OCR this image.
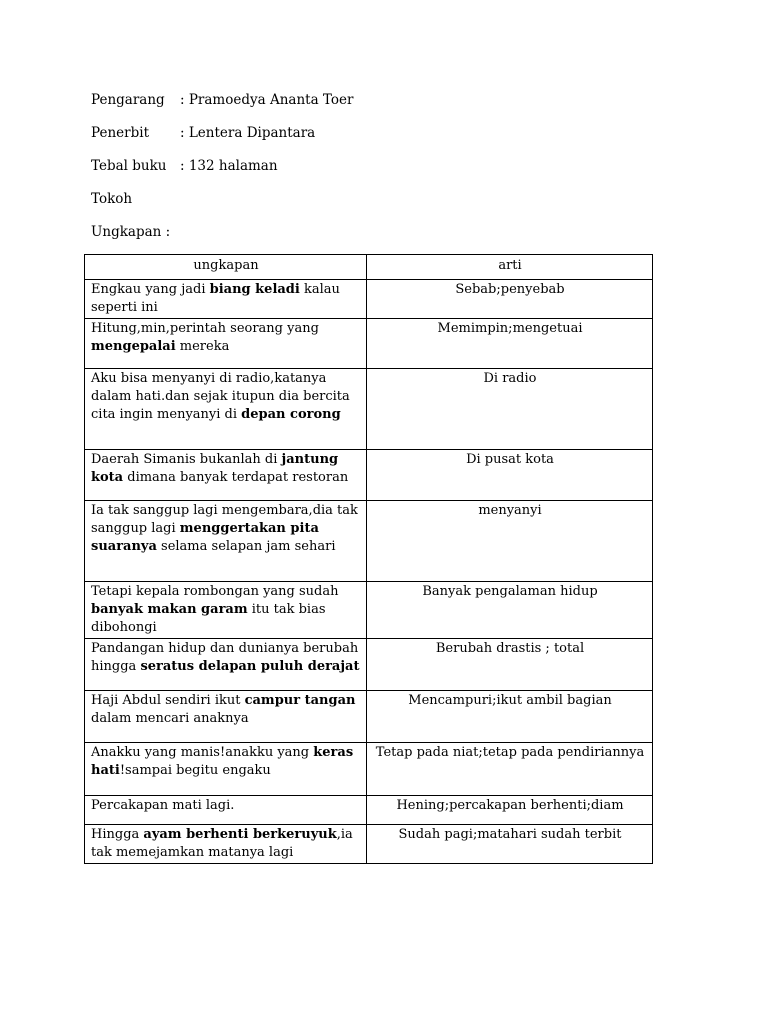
Pengarang : Pramoedya Ananta Toer
Penerbit : Lentera Dipantara
Tebal buku : 132 halaman
Tokoh
Ungkapan :
ungkapan	arti
Engkau yang jadi biang keladi kalau seperti ini	Sebab;penyebab
Hitung,min,perintah seorang yang mengepalai mereka	Memimpin;mengetuai
Aku bisa menyanyi di radio,katanya dalam hati.dan sejak itupun dia bercita cita ingin menyanyi di depan corong	Di radio
Daerah Simanis bukanlah di jantung kota dimana banyak terdapat restoran	Di pusat kota
Ia tak sanggup lagi mengembara,dia tak sanggup lagi menggertakan pita suaranya selama selapan jam sehari	menyanyi
Tetapi kepala rombongan yang sudah banyak makan garam itu tak bias dibohongi	Banyak pengalaman hidup
Pandangan hidup dan dunianya berubah hingga seratus delapan puluh derajat	Berubah drastis ; total
Haji Abdul sendiri ikut campur tangan dalam mencari anaknya	Mencampuri;ikut ambil bagian
Anakku yang manis!anakku yang keras hati!sampai begitu engaku	Tetap pada niat;tetap pada pendiriannya
Percakapan mati lagi.	Hening;percakapan berhenti;diam
Hingga ayam berhenti berkeruyuk,ia tak memejamkan matanya lagi	Sudah pagi;matahari sudah terbit
